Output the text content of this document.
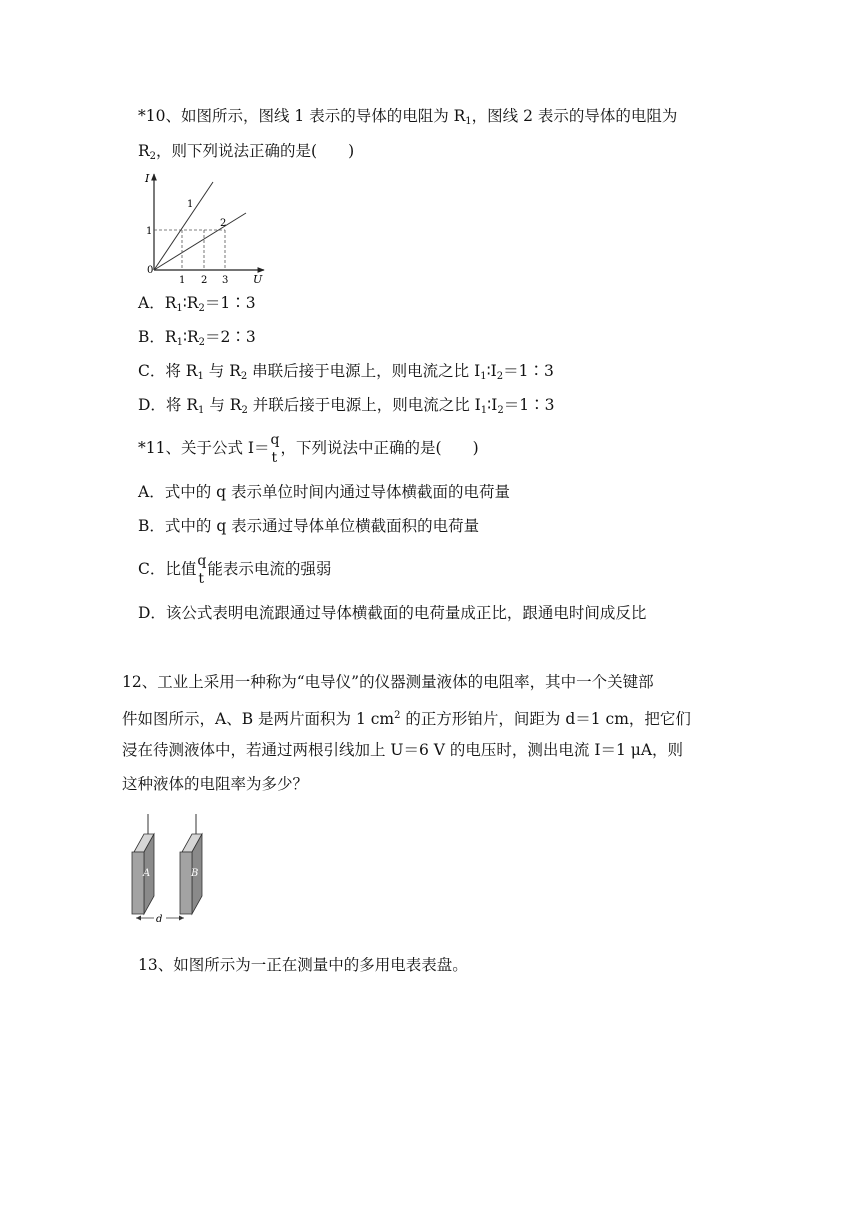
*10、如图所示，图线 1 表示的导体的电阻为 $R_1$，图线 2 表示的导体的电阻为
$R_2$，则下列说法正确的是(　　)
I
U
0
1 2 3
1
1
2
A．$R_1∶R_2=1∶3$
B．$R_1∶R_2=2∶3$
C．将 $R_1$ 与 $R_2$ 串联后接于电源上，则电流之比 $I_1∶I_2=1∶3$
D．将 $R_1$ 与 $R_2$ 并联后接于电源上，则电流之比 $I_1∶I_2=1∶3$
*11、关于公式 I＝ q
t
，下列说法中正确的是(　　)
A．式中的 q 表示单位时间内通过导体横截面的电荷量
B．式中的 q 表示通过导体单位横截面积的电荷量
C．比值 q
t
能表示电流的强弱
D．该公式表明电流跟通过导体横截面的电荷量成正比，跟通电时间成反比
12、工业上采用一种称为“电导仪”的仪器测量液体的电阻率，其中一个关键部
件如图所示，A、B 是两片面积为 1 $cm^2$ 的正方形铂片，间距为 d＝1 cm，把它们
浸在待测液体中，若通过两根引线加上 U＝6 V 的电压时，测出电流 I＝1 μA，则
这种液体的电阻率为多少？
A	B
d
13、如图所示为一正在测量中的多用电表表盘。
